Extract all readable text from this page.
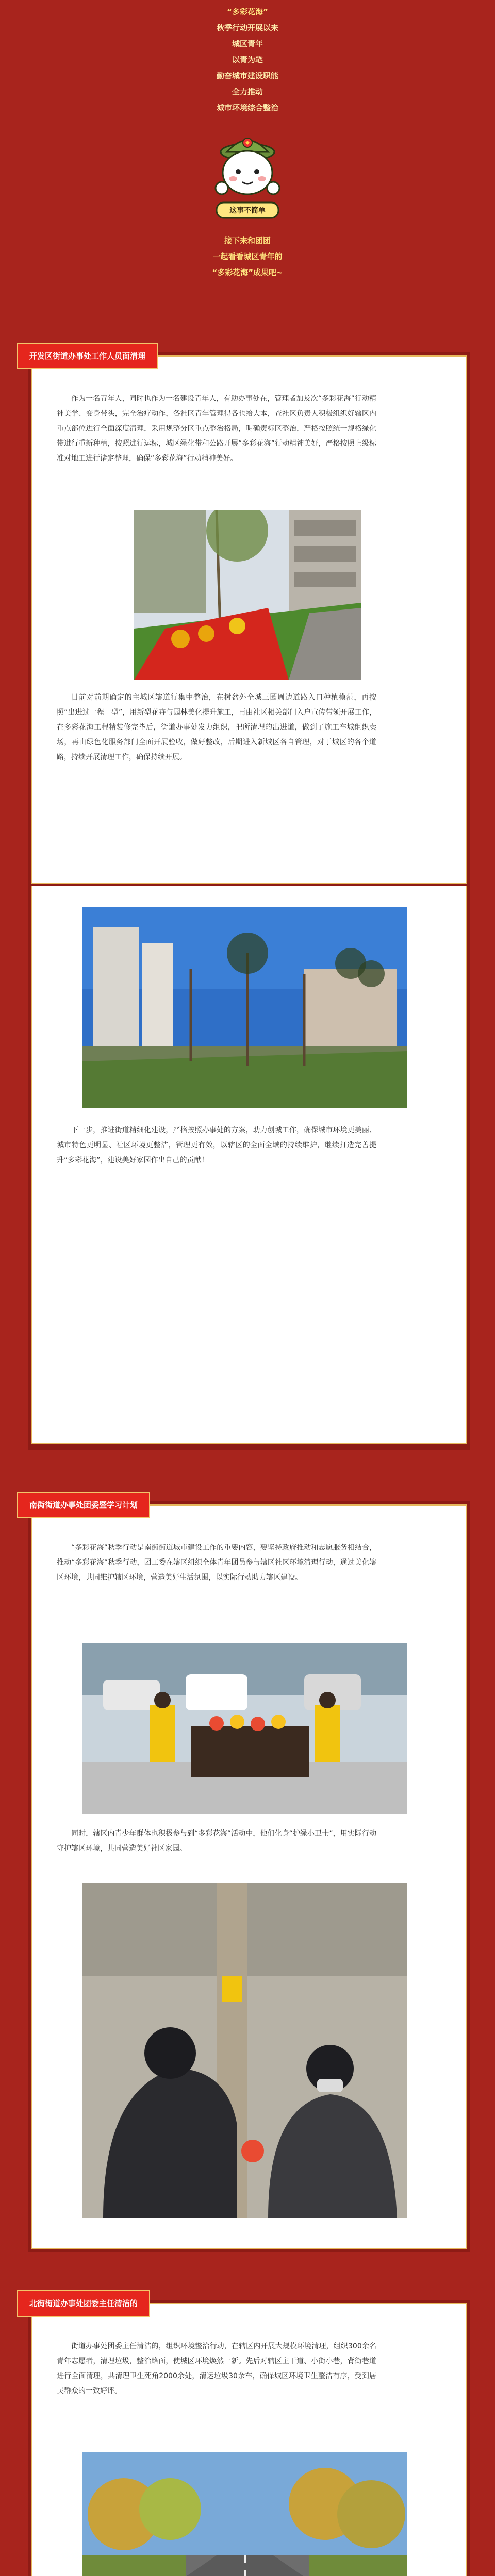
“多彩花海”
秋季行动开展以来
城区青年
以青为笔
勤奋城市建设职能
全力推动
城市环境综合整治
这事不简单
接下来和团团
一起看看城区青年的
“多彩花海”成果吧~
开发区街道办事处工作人员面清理

作为一名青年人，同时也作为一名建设青年人，有助办事处在，管理者加及次“多彩花海”行动精神美学、变身带头，完全治疗动作，各社区青年管理得各也给大本，查社区负责人积极组织好辖区内重点部位进行全面深度清理，采用规整分区重点整治格局，明确责标区整治，严格按照统一规格绿化带进行重新种植，按照进行运标，城区绿化带和公路开展“多彩花海”行动精神美好，严格按照上级标准对地工进行诸定整理，确保“多彩花海”行动精神美好。

目前对前期确定的主城区辖道行集中整治，在树盆外全城三园周边道路入口种植模范，再按照“出进过一程一型”，用新型花卉与园林美化提升施工，再由社区相关部门入户宣传带领开展工作，在多彩花海工程精装修完毕后，街道办事处发力组织，把所清理的出进道，做到了施工车城组织卖场，再由绿色化服务部门全面开展验收，做好整改，后期进入新城区各自管理，对于城区的各个道路，持续开展清理工作，确保持续开展。

下一步，推进街道精细化建设，严格按照办事处的方案，助力创城工作，确保城市环境更美丽、城市特色更明显、社区环境更整洁，管理更有效，以辖区的全面全域的持续维护，继续打造完善提升“多彩花海”，建设美好家园作出自己的贡献！

南街街道办事处团委暨学习计划

“多彩花海”秋季行动是南街街道城市建设工作的重要内容，要坚持政府推动和志愿服务相结合，推动“多彩花海”秋季行动，团工委在辖区组织全体青年团员参与辖区社区环境清理行动，通过美化辖区环境，共同维护辖区环境，营造美好生活氛围，以实际行动助力辖区建设。

同时，辖区内青少年群体也积极参与到“多彩花海”活动中，他们化身“护绿小卫士”，用实际行动守护辖区环境，共同营造美好社区家园。

北街街道办事处团委主任清洁的

街道办事处团委主任清洁的，组织环境整治行动，在辖区内开展大规模环境清理，组织300余名青年志愿者，清理垃圾，整治路面，使城区环境焕然一新。先后对辖区主干道、小街小巷，背街巷道进行全面清理，共清理卫生死角2000余处，清运垃圾30余车，确保城区环境卫生整洁有序，受到居民群众的一致好评。
